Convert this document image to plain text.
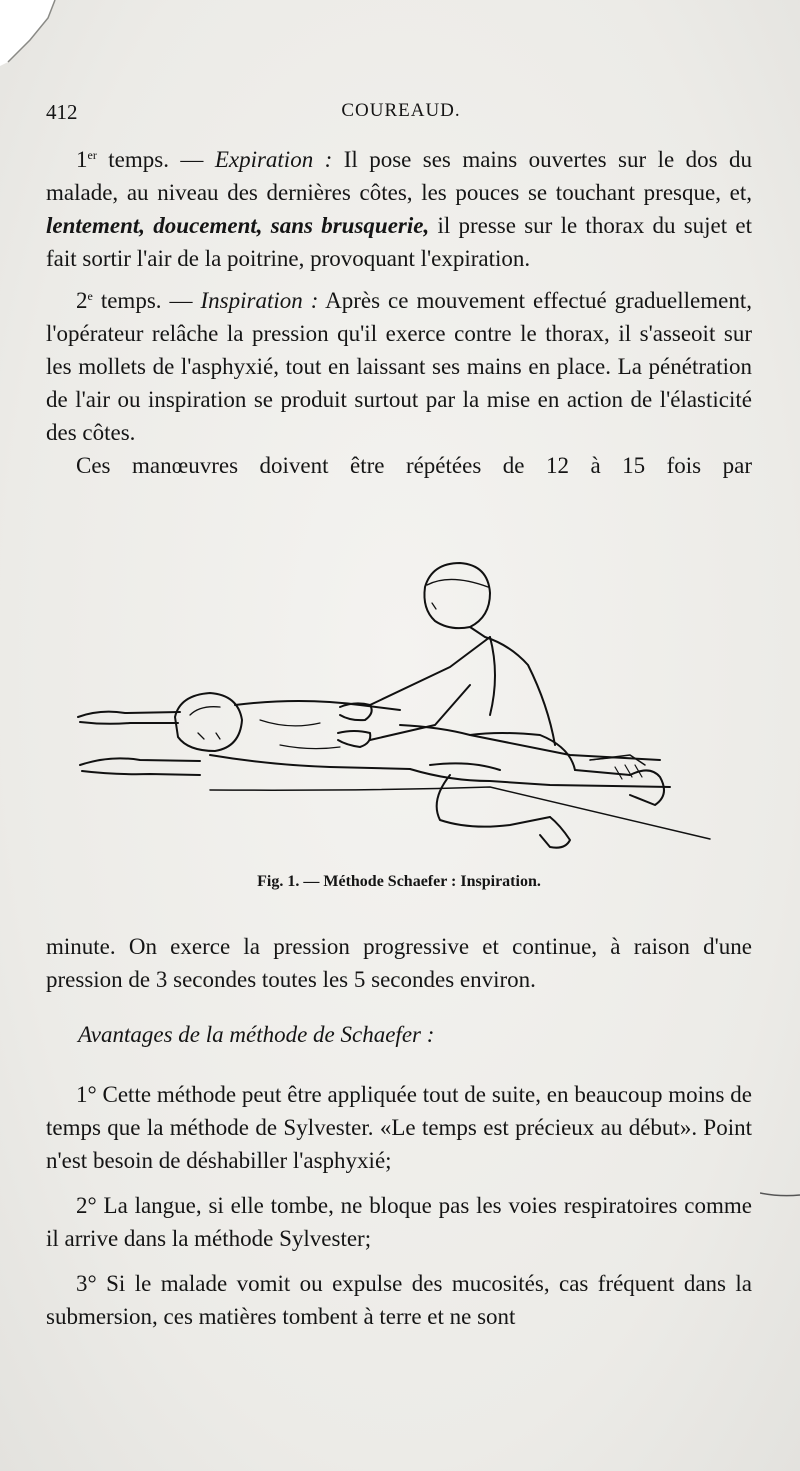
412	COUREAUD.

1er temps. — Expiration : Il pose ses mains ouvertes sur le dos du malade, au niveau des dernières côtes, les pouces se touchant presque, et, lentement, doucement, sans brusquerie, il presse sur le thorax du sujet et fait sortir l'air de la poitrine, provoquant l'expiration.

2e temps. — Inspiration : Après ce mouvement effectué graduellement, l'opérateur relâche la pression qu'il exerce contre le thorax, il s'asseoit sur les mollets de l'asphyxié, tout en laissant ses mains en place. La pénétration de l'air ou inspiration se produit surtout par la mise en action de l'élasticité des côtes.

Ces manœuvres doivent être répétées de 12 à 15 fois par

Fig. 1. — Méthode Schaefer : Inspiration.

minute. On exerce la pression progressive et continue, à raison d'une pression de 3 secondes toutes les 5 secondes environ.

Avantages de la méthode de Schaefer :

1° Cette méthode peut être appliquée tout de suite, en beaucoup moins de temps que la méthode de Sylvester. «Le temps est précieux au début». Point n'est besoin de déshabiller l'asphyxié;

2° La langue, si elle tombe, ne bloque pas les voies respiratoires comme il arrive dans la méthode Sylvester;

3° Si le malade vomit ou expulse des mucosités, cas fréquent dans la submersion, ces matières tombent à terre et ne sont
